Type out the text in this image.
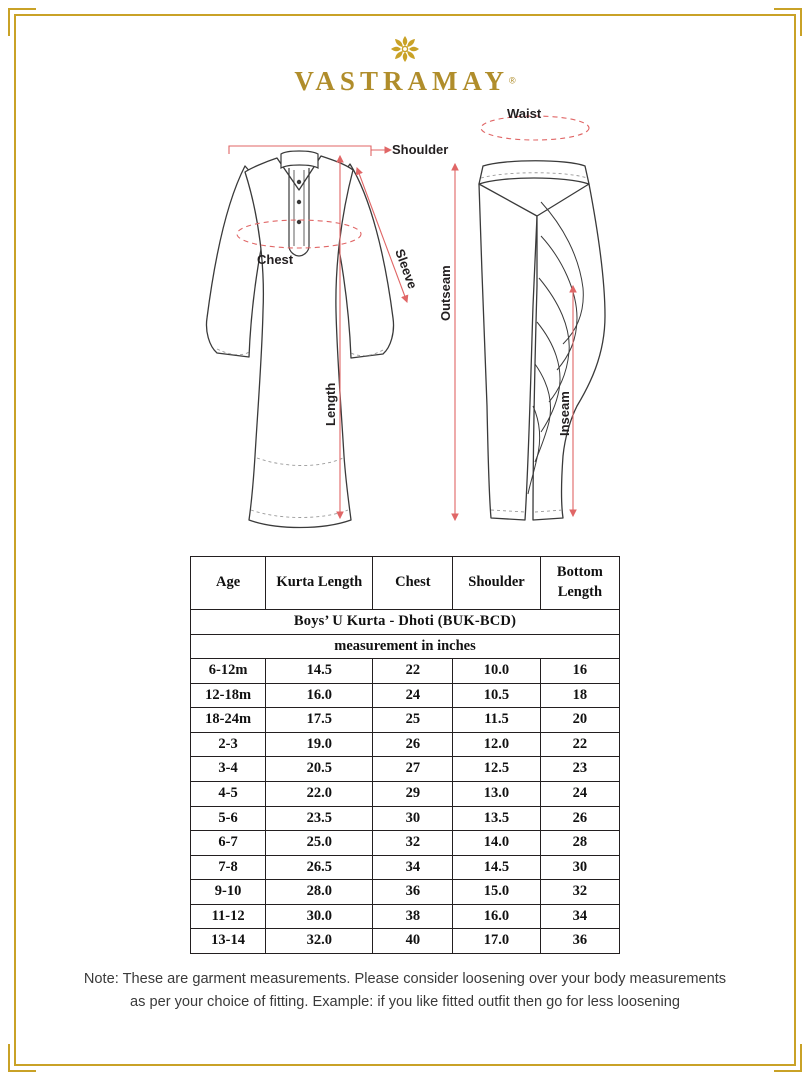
VASTRAMAY®
Shoulder
Chest	Sleeve
Length
Waist
Outseam
Inseam
Boys’ U Kurta - Dhoti (BUK-BCD)				
measurement in inches				
Age	Kurta Length	Chest	Shoulder	Bottom Length
6-12m	14.5	22	10.0	16
12-18m	16.0	24	10.5	18
18-24m	17.5	25	11.5	20
2-3	19.0	26	12.0	22
3-4	20.5	27	12.5	23
4-5	22.0	29	13.0	24
5-6	23.5	30	13.5	26
6-7	25.0	32	14.0	28
7-8	26.5	34	14.5	30
9-10	28.0	36	15.0	32
11-12	30.0	38	16.0	34
13-14	32.0	40	17.0	36
Note: These are garment measurements. Please consider loosening over your body measurements
as per your choice of fitting. Example: if you like fitted outfit then go for less loosening
